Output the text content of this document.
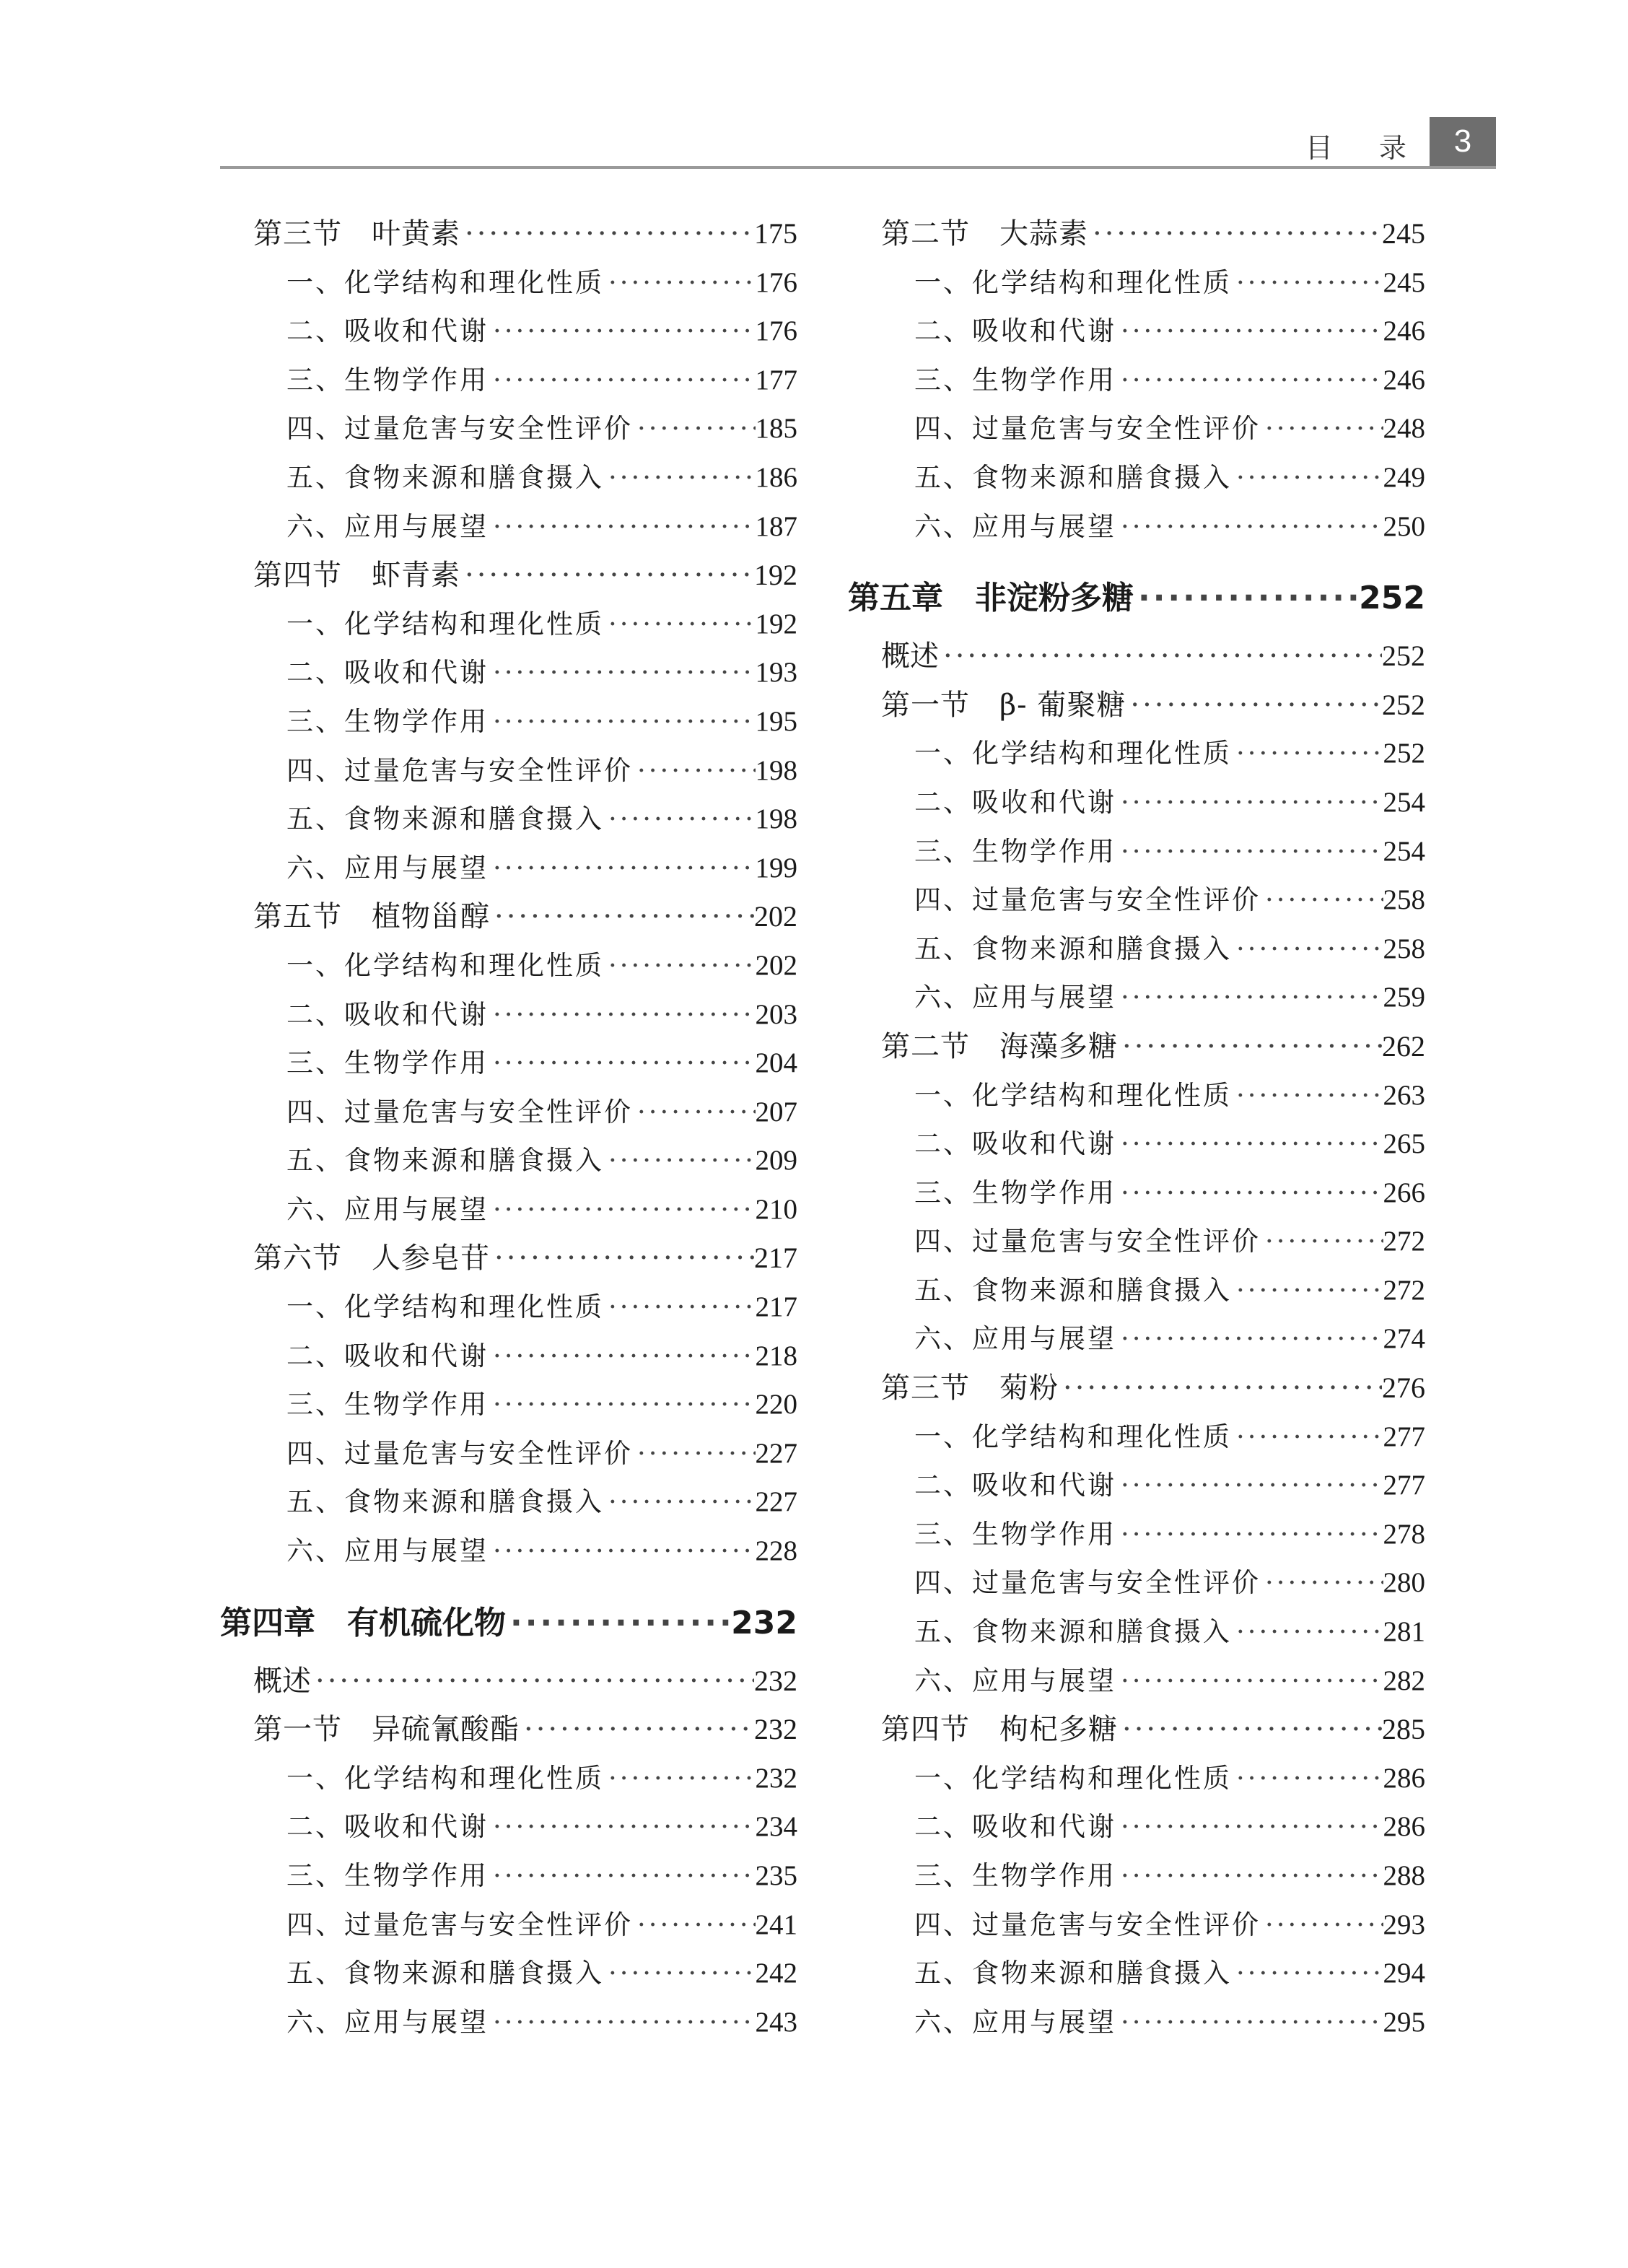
目 录 3
第三节　叶黄素 ·····	175
一、化学结构和理化性质 ·····	176
二、吸收和代谢 ·····	176
三、生物学作用 ·····	177
四、过量危害与安全性评价 ·····	185
五、食物来源和膳食摄入 ·····	186
六、应用与展望 ·····	187
第四节　虾青素 ·····	192
一、化学结构和理化性质 ·····	192
二、吸收和代谢 ·····	193
三、生物学作用 ·····	195
四、过量危害与安全性评价 ·····	198
五、食物来源和膳食摄入 ·····	198
六、应用与展望 ·····	199
第五节　植物甾醇 ·····	202
一、化学结构和理化性质 ·····	202
二、吸收和代谢 ·····	203
三、生物学作用 ·····	204
四、过量危害与安全性评价 ·····	207
五、食物来源和膳食摄入 ·····	209
六、应用与展望 ·····	210
第六节　人参皂苷 ·····	217
一、化学结构和理化性质 ·····	217
二、吸收和代谢 ·····	218
三、生物学作用 ·····	220
四、过量危害与安全性评价 ·····	227
五、食物来源和膳食摄入 ·····	227
六、应用与展望 ·····	228
第四章　有机硫化物 ·····	232
概述 ·····	232
第一节　异硫氰酸酯 ·····	232
一、化学结构和理化性质 ·····	232
二、吸收和代谢 ·····	234
三、生物学作用 ·····	235
四、过量危害与安全性评价 ·····	241
五、食物来源和膳食摄入 ·····	242
六、应用与展望 ·····	243
第二节　大蒜素 ·····	245
一、化学结构和理化性质 ·····	245
二、吸收和代谢 ·····	246
三、生物学作用 ·····	246
四、过量危害与安全性评价 ·····	248
五、食物来源和膳食摄入 ·····	249
六、应用与展望 ·····	250
第五章　非淀粉多糖 ·····	252
概述 ·····	252
第一节　β- 葡聚糖 ·····	252
一、化学结构和理化性质 ·····	252
二、吸收和代谢 ·····	254
三、生物学作用 ·····	254
四、过量危害与安全性评价 ·····	258
五、食物来源和膳食摄入 ·····	258
六、应用与展望 ·····	259
第二节　海藻多糖 ·····	262
一、化学结构和理化性质 ·····	263
二、吸收和代谢 ·····	265
三、生物学作用 ·····	266
四、过量危害与安全性评价 ·····	272
五、食物来源和膳食摄入 ·····	272
六、应用与展望 ·····	274
第三节　菊粉 ·····	276
一、化学结构和理化性质 ·····	277
二、吸收和代谢 ·····	277
三、生物学作用 ·····	278
四、过量危害与安全性评价 ·····	280
五、食物来源和膳食摄入 ·····	281
六、应用与展望 ·····	282
第四节　枸杞多糖 ·····	285
一、化学结构和理化性质 ·····	286
二、吸收和代谢 ·····	286
三、生物学作用 ·····	288
四、过量危害与安全性评价 ·····	293
五、食物来源和膳食摄入 ·····	294
六、应用与展望 ·····	295
